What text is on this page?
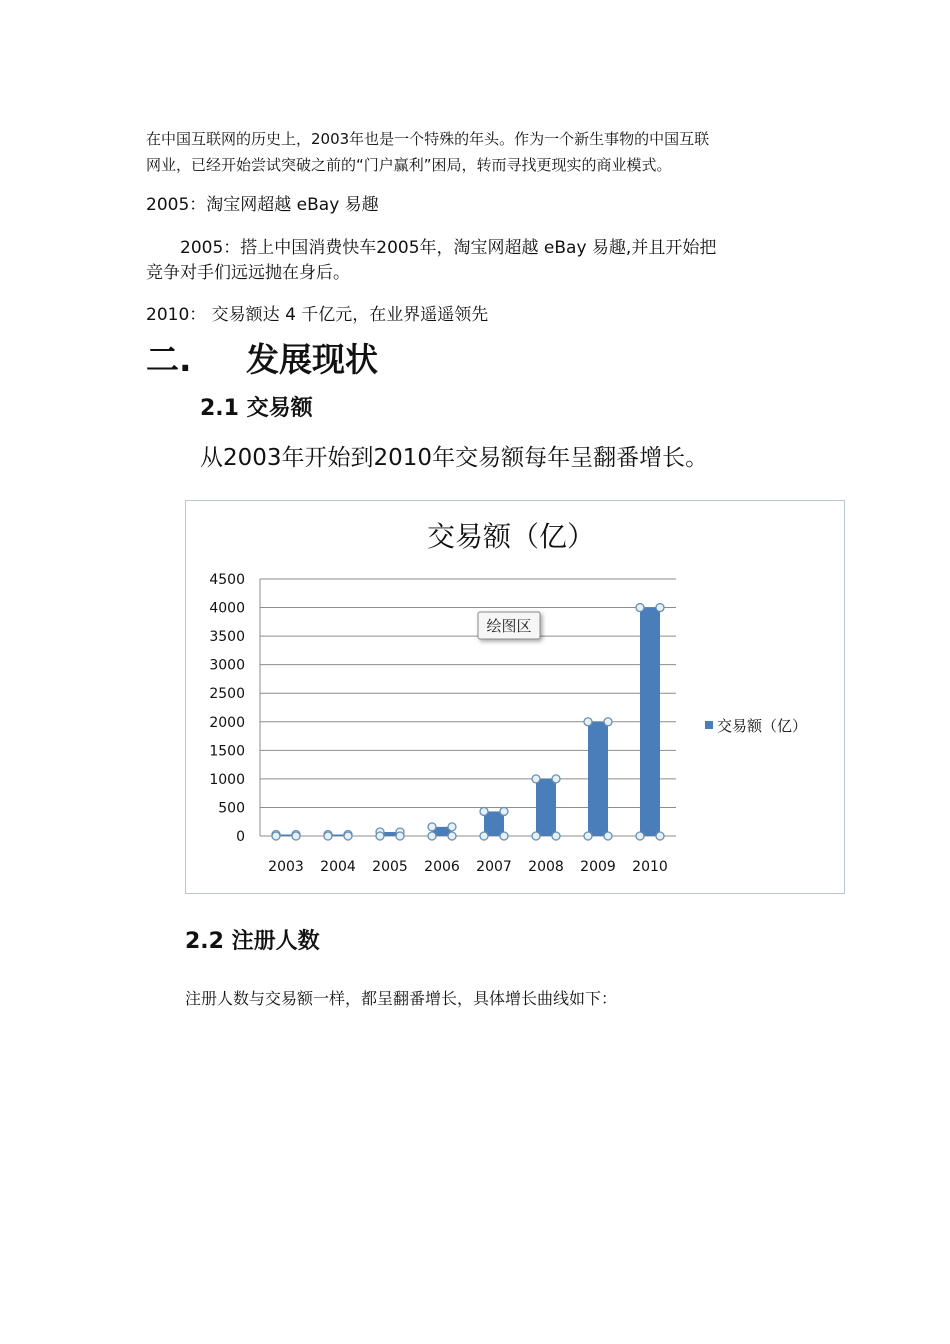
在中国互联网的历史上，2003年也是一个特殊的年头。作为一个新生事物的中国互联
网业，已经开始尝试突破之前的“门户赢利”困局，转而寻找更现实的商业模式。

2005：淘宝网超越 eBay 易趣

　　2005：搭上中国消费快车2005年，淘宝网超越 eBay 易趣,并且开始把
竞争对手们远远抛在身后。

2010： 交易额达 4 千亿元，在业界遥遥领先

二. 发展现状
2.1 交易额

从2003年开始到2010年交易额每年呈翻番增长。

交易额（亿）
4500
4000
3500
3000
2500
2000
1500
1000
500
0
2003 2004 2005 2006 2007 2008 2009 2010
交易额（亿）
绘图区
2.2 注册人数

注册人数与交易额一样，都呈翻番增长，具体增长曲线如下：
